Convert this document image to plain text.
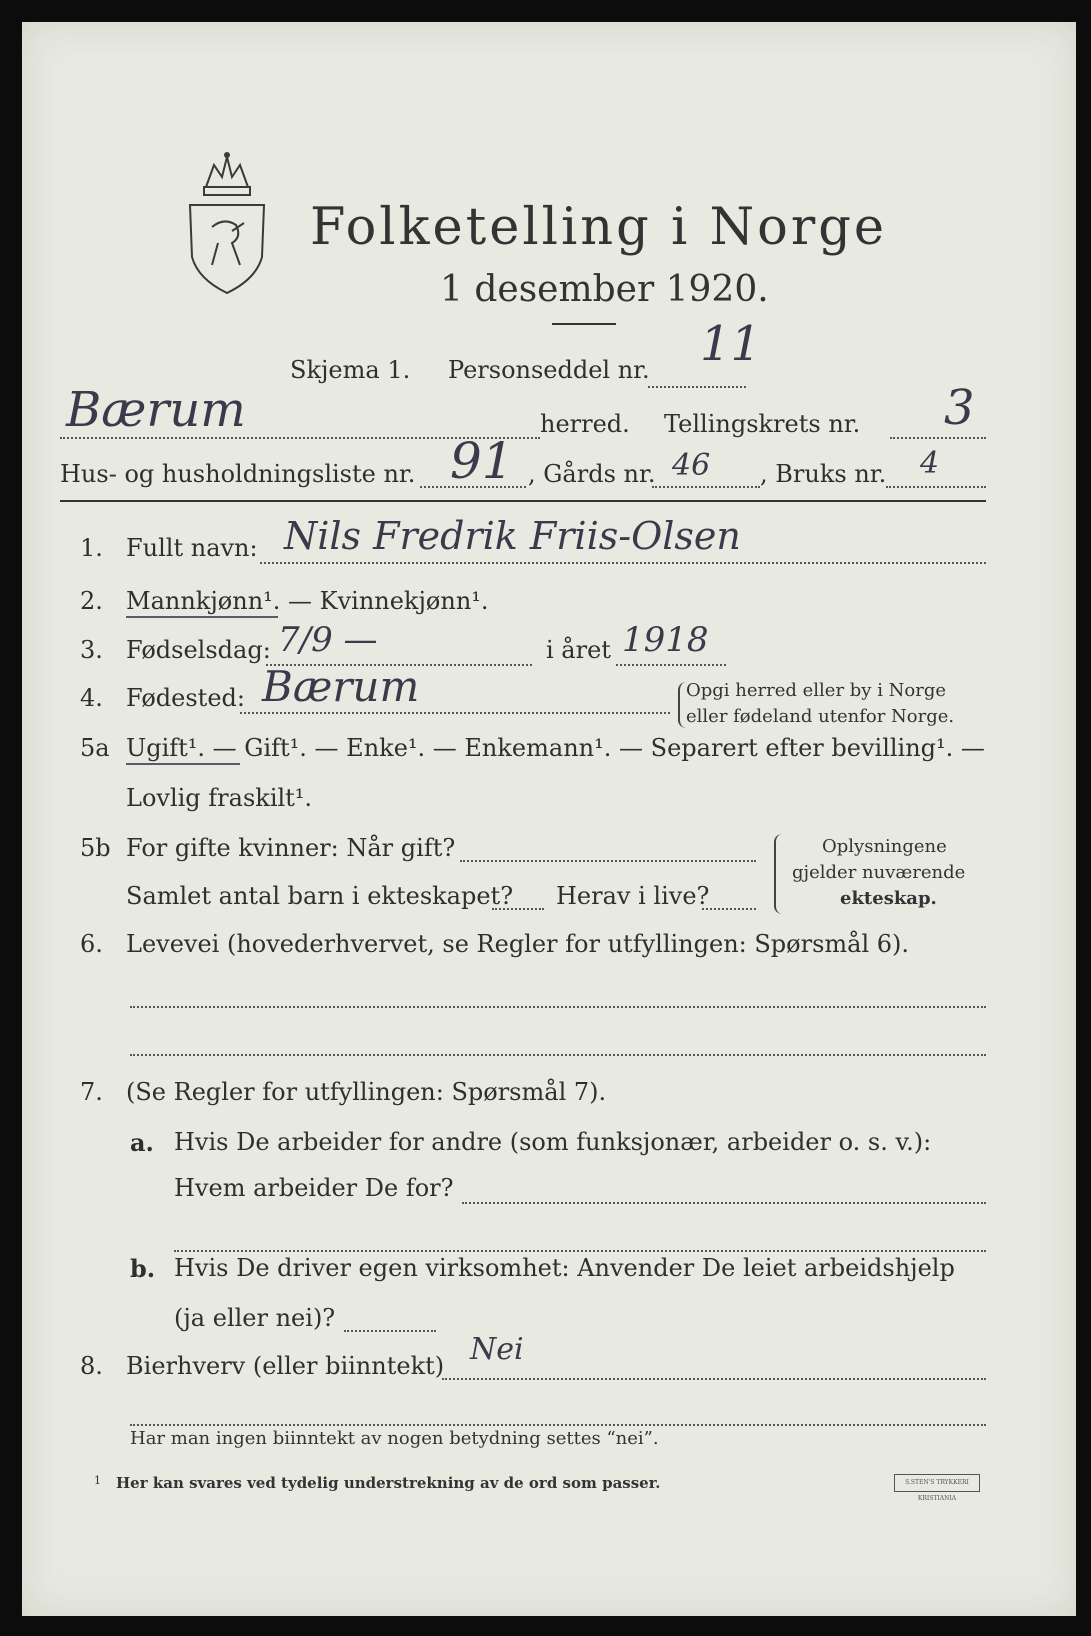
Folketelling i Norge
1 desember 1920.
Skjema 1. Personseddel nr. 11
Bærum	herred. Tellingskrets nr. 3
Hus- og husholdningsliste nr. 91 , Gårds nr. 46 , Bruks nr. 4
1. Fullt navn: Nils Fredrik Friis-Olsen
2. Mannkjønn¹. — Kvinnekjønn¹.
3. Fødselsdag: 7/9 —	i året 1918
4. Fødested: Bærum	Opgi herred eller by i Norge
eller fødeland utenfor Norge.
5a Ugift¹. — Gift¹. — Enke¹. — Enkemann¹. — Separert efter bevilling¹. —
Lovlig fraskilt¹.
5b For gifte kvinner: Når gift?
Samlet antal barn i ekteskapet? Herav i live?
Oplysningene
gjelder nuværende
ekteskap.
6. Levevei (hovederhvervet, se Regler for utfyllingen: Spørsmål 6).
7. (Se Regler for utfyllingen: Spørsmål 7).
a. Hvis De arbeider for andre (som funksjonær, arbeider o. s. v.):
Hvem arbeider De for?
b. Hvis De driver egen virksomhet: Anvender De leiet arbeidshjelp
(ja eller nei)?
8. Bierhverv (eller biinntekt) Nei
Har man ingen biinntekt av nogen betydning settes “nei”.
1 Her kan svares ved tydelig understrekning av de ord som passer.	S.STEN'S TRYKKERI KRISTIANIA
